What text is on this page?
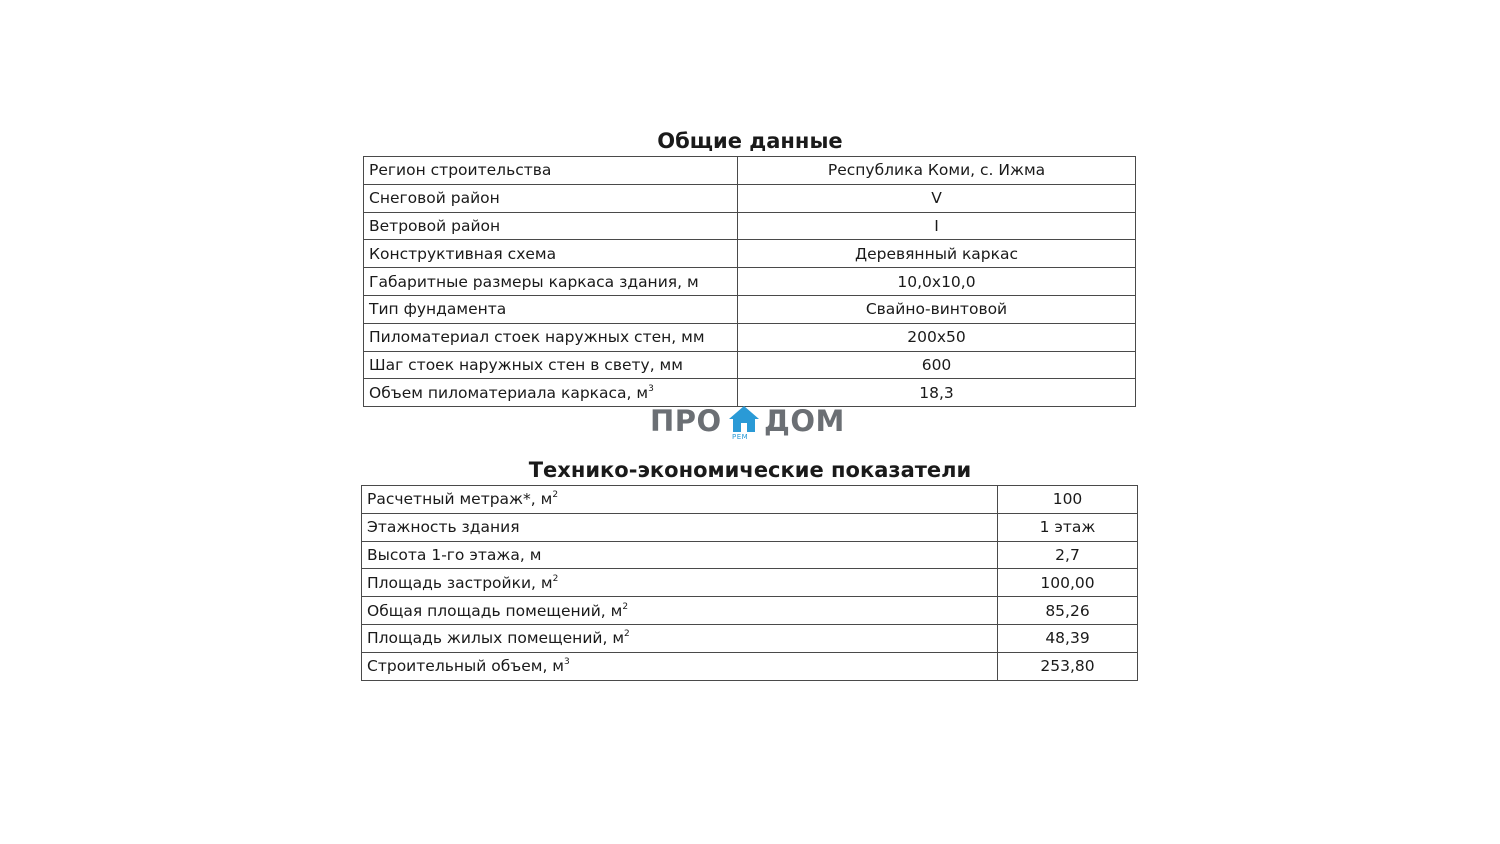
Общие данные
Регион строительства	Республика Коми, с. Ижма
Снеговой район	V
Ветровой район	I
Конструктивная схема	Деревянный каркас
Габаритные размеры каркаса здания, м	10,0х10,0
Тип фундамента	Свайно-винтовой
Пиломатериал стоек наружных стен, мм	200х50
Шаг стоек наружных стен в свету, мм	600
Объем пиломатериала каркаса, $м^3$	18,3
ПРО РЕМ ДОМ
Технико-экономические показатели
Расчетный метраж*, $м^2$	100
Этажность здания	1 этаж
Высота 1-го этажа, м	2,7
Площадь застройки, $м^2$	100,00
Общая площадь помещений, $м^2$	85,26
Площадь жилых помещений, $м^2$	48,39
Строительный объем, $м^3$	253,80
